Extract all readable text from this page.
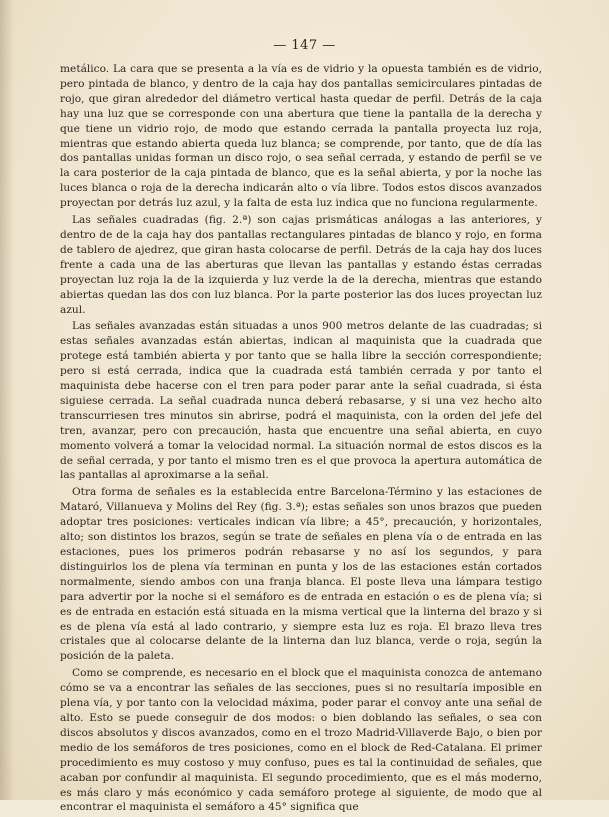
— 147 —

metálico. La cara que se presenta a la vía es de vidrio y la opuesta también es de vidrio, pero pintada de blanco, y dentro de la caja hay dos pantallas semicirculares pintadas de rojo, que giran alrededor del diámetro vertical hasta quedar de perfil. Detrás de la caja hay una luz que se corresponde con una abertura que tiene la pantalla de la derecha y que tiene un vidrio rojo, de modo que estando cerrada la pantalla proyecta luz roja, mientras que estando abierta queda luz blanca; se comprende, por tanto, que de día las dos pantallas unidas forman un disco rojo, o sea señal cerrada, y estando de perfil se ve la cara posterior de la caja pintada de blanco, que es la señal abierta, y por la noche las luces blanca o roja de la derecha indicarán alto o vía libre. Todos estos discos avanzados proyectan por detrás luz azul, y la falta de esta luz indica que no funciona regularmente.

Las señales cuadradas (fig. 2.ª) son cajas prismáticas análogas a las anteriores, y dentro de de la caja hay dos pantallas rectangulares pintadas de blanco y rojo, en forma de tablero de ajedrez, que giran hasta colocarse de perfil. Detrás de la caja hay dos luces frente a cada una de las aberturas que llevan las pantallas y estando éstas cerradas proyectan luz roja la de la izquierda y luz verde la de la derecha, mientras que estando abiertas quedan las dos con luz blanca. Por la parte posterior las dos luces proyectan luz azul.

Las señales avanzadas están situadas a unos 900 metros delante de las cuadradas; si estas señales avanzadas están abiertas, indican al maquinista que la cuadrada que protege está también abierta y por tanto que se halla libre la sección correspondiente; pero si está cerrada, indica que la cuadrada está también cerrada y por tanto el maquinista debe hacerse con el tren para poder parar ante la señal cuadrada, si ésta siguiese cerrada. La señal cuadrada nunca deberá rebasarse, y si una vez hecho alto transcurriesen tres minutos sin abrirse, podrá el maquinista, con la orden del jefe del tren, avanzar, pero con precaución, hasta que encuentre una señal abierta, en cuyo momento volverá a tomar la velocidad normal. La situación normal de estos discos es la de señal cerrada, y por tanto el mismo tren es el que provoca la apertura automática de las pantallas al aproximarse a la señal.

Otra forma de señales es la establecida entre Barcelona-Término y las estaciones de Mataró, Villanueva y Molins del Rey (fig. 3.ª); estas señales son unos brazos que pueden adoptar tres posiciones: verticales indican vía libre; a 45°, precaución, y horizontales, alto; son distintos los brazos, según se trate de señales en plena vía o de entrada en las estaciones, pues los primeros podrán rebasarse y no así los segundos, y para distinguirlos los de plena vía terminan en punta y los de las estaciones están cortados normalmente, siendo ambos con una franja blanca. El poste lleva una lámpara testigo para advertir por la noche si el semáforo es de entrada en estación o es de plena vía; si es de entrada en estación está situada en la misma vertical que la linterna del brazo y si es de plena vía está al lado contrario, y siempre esta luz es roja. El brazo lleva tres cristales que al colocarse delante de la linterna dan luz blanca, verde o roja, según la posición de la paleta.

Como se comprende, es necesario en el block que el maquinista conozca de antemano cómo se va a encontrar las señales de las secciones, pues si no resultaría imposible en plena vía, y por tanto con la velocidad máxima, poder parar el convoy ante una señal de alto. Esto se puede conseguir de dos modos: o bien doblando las señales, o sea con discos absolutos y discos avanzados, como en el trozo Madrid-Villaverde Bajo, o bien por medio de los semáforos de tres posiciones, como en el block de Red-Catalana. El primer procedimiento es muy costoso y muy confuso, pues es tal la continuidad de señales, que acaban por confundir al maquinista. El segundo procedimiento, que es el más moderno, es más claro y más económico y cada semáforo protege al siguiente, de modo que al encontrar el maquinista el semáforo a 45° significa que
